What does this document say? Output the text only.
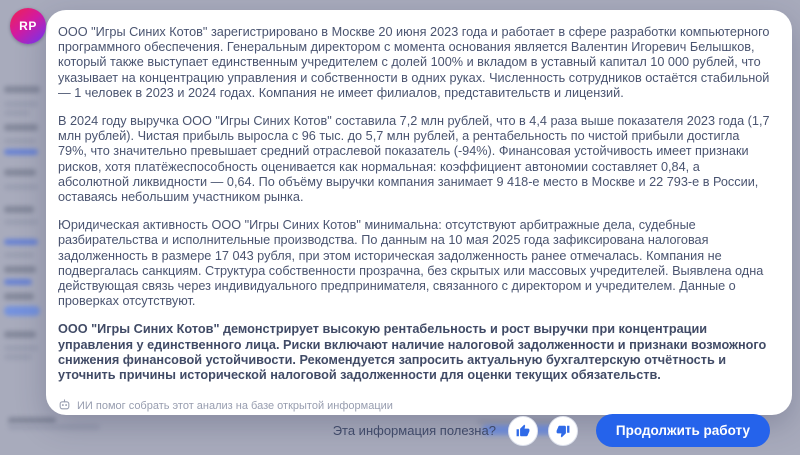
RP ООО "Игры Синих Котов" зарегистрировано в Москве 20 июня 2023 года и работает в сфере разработки компьютерного программного обеспечения. Генеральным директором с момента основания является Валентин Игоревич Белышков, который также выступает единственным учредителем с долей 100% и вкладом в уставный капитал 10 000 рублей, что указывает на концентрацию управления и собственности в одних руках. Численность сотрудников остаётся стабильной — 1 человек в 2023 и 2024 годах. Компания не имеет филиалов, представительств и лицензий.

В 2024 году выручка ООО "Игры Синих Котов" составила 7,2 млн рублей, что в 4,4 раза выше показателя 2023 года (1,7 млн рублей). Чистая прибыль выросла с 96 тыс. до 5,7 млн рублей, а рентабельность по чистой прибыли достигла 79%, что значительно превышает средний отраслевой показатель (-94%). Финансовая устойчивость имеет признаки рисков, хотя платёжеспособность оценивается как нормальная: коэффициент автономии составляет 0,84, а абсолютной ликвидности — 0,64. По объёму выручки компания занимает 9 418-е место в Москве и 22 793-е в России, оставаясь небольшим участником рынка.

Юридическая активность ООО "Игры Синих Котов" минимальна: отсутствуют арбитражные дела, судебные разбирательства и исполнительные производства. По данным на 10 мая 2025 года зафиксирована налоговая задолженность в размере 17 043 рубля, при этом историческая задолженность ранее отмечалась. Компания не подвергалась санкциям. Структура собственности прозрачна, без скрытых или массовых учредителей. Выявлена одна действующая связь через индивидуального предпринимателя, связанного с директором и учредителем. Данные о проверках отсутствуют.

ООО "Игры Синих Котов" демонстрирует высокую рентабельность и рост выручки при концентрации управления у единственного лица. Риски включают наличие налоговой задолженности и признаки возможного снижения финансовой устойчивости. Рекомендуется запросить актуальную бухгалтерскую отчётность и уточнить причины исторической налоговой задолженности для оценки текущих обязательств.

ИИ помог собрать этот анализ на базе открытой информации
Эта информация полезна?	Продолжить работу
